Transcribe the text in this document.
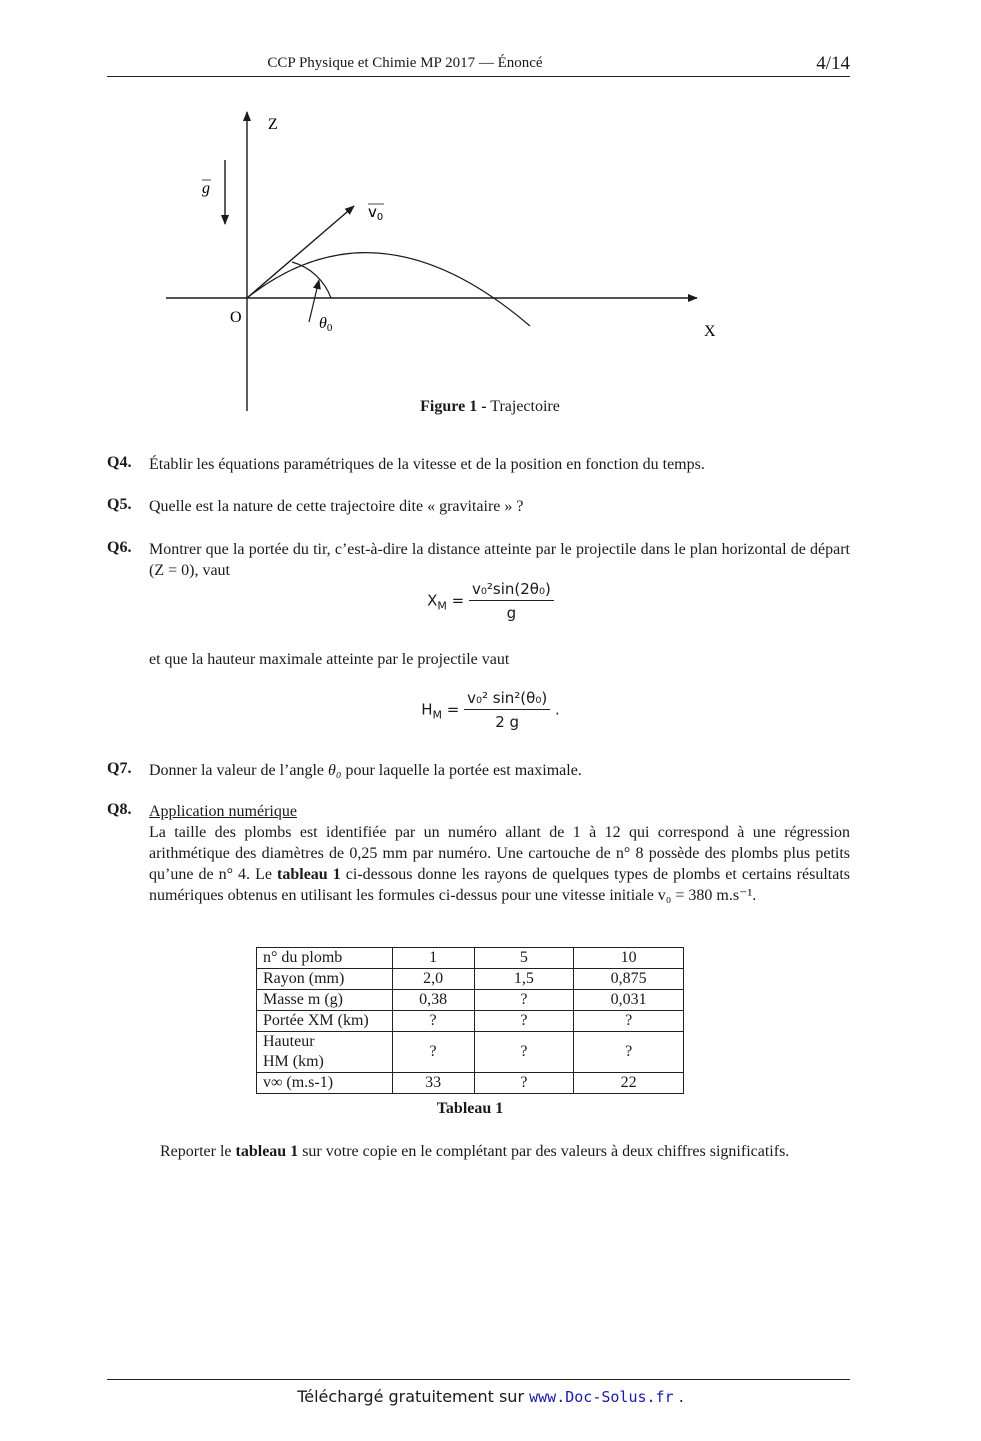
CCP Physique et Chimie MP 2017 — Énoncé	4/14
Z
X
O
g
$v_0$
θ0
Figure 1 - Trajectoire
Q4. Établir les équations paramétriques de la vitesse et de la position en fonction du temps.
Q5. Quelle est la nature de cette trajectoire dite « gravitaire » ?
Q6. Montrer que la portée du tir, c’est-à-dire la distance atteinte par le projectile dans le plan horizontal de départ (Z = 0), vaut
$X_M = \frac{\text{v₀²sin(2θ₀)}}{g}$
et que la hauteur maximale atteinte par le projectile vaut
$H_M = \frac{\text{v₀² sin²(θ₀)}}{2 g}$ .
Q7. Donner la valeur de l’angle θ₀ pour laquelle la portée est maximale.
Q8. Application numérique
La taille des plombs est identifiée par un numéro allant de 1 à 12 qui correspond à une régression arithmétique des diamètres de 0,25 mm par numéro. Une cartouche de n° 8 possède des plombs plus petits qu’une de n° 4. Le tableau 1 ci-dessous donne les rayons de quelques types de plombs et certains résultats numériques obtenus en utilisant les formules ci-dessus pour une vitesse initiale v₀ = 380 m.s⁻¹.
n° du plomb	1	5	10
Rayon (mm)	2,0	1,5	0,875
Masse m (g)	0,38	?	0,031
Portée XM (km)	?	?	?

Hauteur
HM (km)	?	?	?
v∞ (m.s-1)	33	?	22
Tableau 1
Reporter le tableau 1 sur votre copie en le complétant par des valeurs à deux chiffres significatifs.
Téléchargé gratuitement sur www.Doc-Solus.fr .
